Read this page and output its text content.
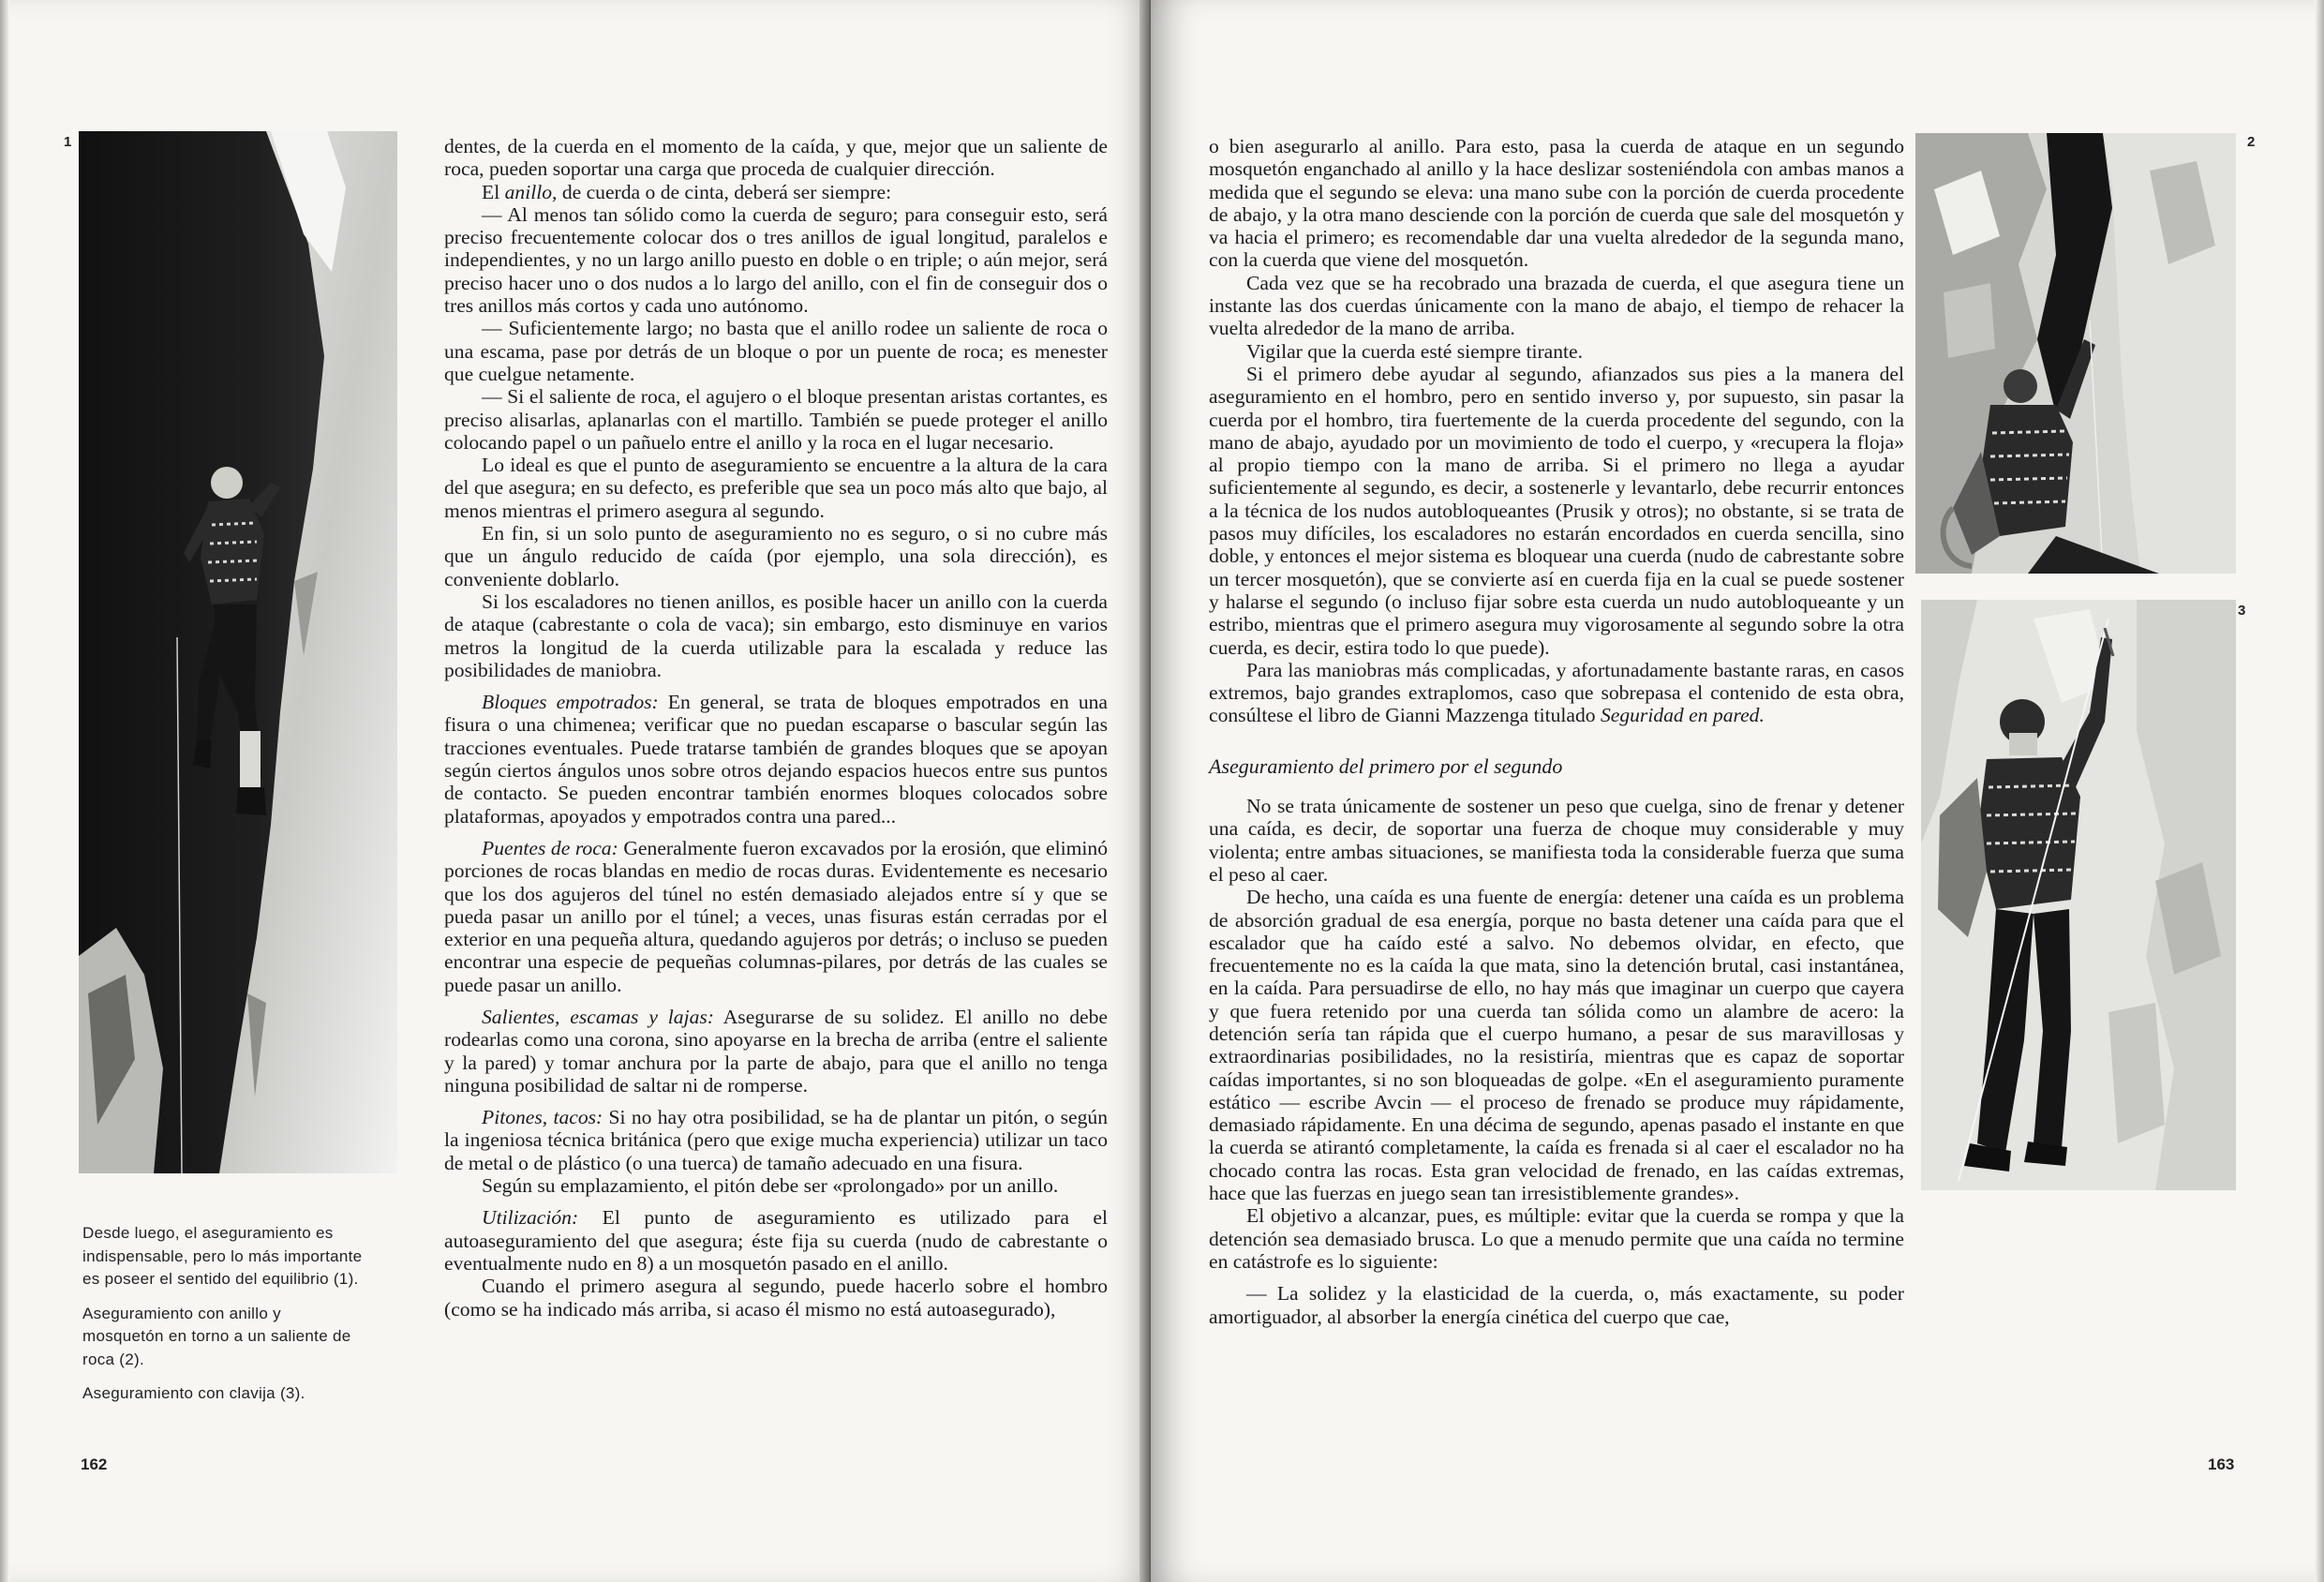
1

Desde luego, el aseguramiento es indispensable, pero lo más importante es poseer el sentido del equilibrio (1).

Aseguramiento con anillo y mosquetón en torno a un saliente de roca (2).

Aseguramiento con clavija (3).

162

dentes, de la cuerda en el momento de la caída, y que, mejor que un saliente de roca, pueden soportar una carga que proceda de cualquier dirección.

El anillo, de cuerda o de cinta, deberá ser siempre:

— Al menos tan sólido como la cuerda de seguro; para conseguir esto, será preciso frecuentemente colocar dos o tres anillos de igual longitud, paralelos e independientes, y no un largo anillo puesto en doble o en triple; o aún mejor, será preciso hacer uno o dos nudos a lo largo del anillo, con el fin de conseguir dos o tres anillos más cortos y cada uno autónomo.

— Suficientemente largo; no basta que el anillo rodee un saliente de roca o una escama, pase por detrás de un bloque o por un puente de roca; es menester que cuelgue netamente.

— Si el saliente de roca, el agujero o el bloque presentan aristas cortantes, es preciso alisarlas, aplanarlas con el martillo. También se puede proteger el anillo colocando papel o un pañuelo entre el anillo y la roca en el lugar necesario.

Lo ideal es que el punto de aseguramiento se encuentre a la altura de la cara del que asegura; en su defecto, es preferible que sea un poco más alto que bajo, al menos mientras el primero asegura al segundo.

En fin, si un solo punto de aseguramiento no es seguro, o si no cubre más que un ángulo reducido de caída (por ejemplo, una sola dirección), es conveniente doblarlo.

Si los escaladores no tienen anillos, es posible hacer un anillo con la cuerda de ataque (cabrestante o cola de vaca); sin embargo, esto disminuye en varios metros la longitud de la cuerda utilizable para la escalada y reduce las posibilidades de maniobra.

Bloques empotrados: En general, se trata de bloques empotrados en una fisura o una chimenea; verificar que no puedan escaparse o bascular según las tracciones eventuales. Puede tratarse también de grandes bloques que se apoyan según ciertos ángulos unos sobre otros dejando espacios huecos entre sus puntos de contacto. Se pueden encontrar también enormes bloques colocados sobre plataformas, apoyados y empotrados contra una pared...

Puentes de roca: Generalmente fueron excavados por la erosión, que eliminó porciones de rocas blandas en medio de rocas duras. Evidentemente es necesario que los dos agujeros del túnel no estén demasiado alejados entre sí y que se pueda pasar un anillo por el túnel; a veces, unas fisuras están cerradas por el exterior en una pequeña altura, quedando agujeros por detrás; o incluso se pueden encontrar una especie de pequeñas columnas-pilares, por detrás de las cuales se puede pasar un anillo.

Salientes, escamas y lajas: Asegurarse de su solidez. El anillo no debe rodearlas como una corona, sino apoyarse en la brecha de arriba (entre el saliente y la pared) y tomar anchura por la parte de abajo, para que el anillo no tenga ninguna posibilidad de saltar ni de romperse.

Pitones, tacos: Si no hay otra posibilidad, se ha de plantar un pitón, o según la ingeniosa técnica británica (pero que exige mucha experiencia) utilizar un taco de metal o de plástico (o una tuerca) de tamaño adecuado en una fisura.

Según su emplazamiento, el pitón debe ser «prolongado» por un anillo.

Utilización: El punto de aseguramiento es utilizado para el autoaseguramiento del que asegura; éste fija su cuerda (nudo de cabrestante o eventualmente nudo en 8) a un mosquetón pasado en el anillo.

Cuando el primero asegura al segundo, puede hacerlo sobre el hombro (como se ha indicado más arriba, si acaso él mismo no está autoasegurado),

o bien asegurarlo al anillo. Para esto, pasa la cuerda de ataque en un segundo mosquetón enganchado al anillo y la hace deslizar sosteniéndola con ambas manos a medida que el segundo se eleva: una mano sube con la porción de cuerda procedente de abajo, y la otra mano desciende con la porción de cuerda que sale del mosquetón y va hacia el primero; es recomendable dar una vuelta alrededor de la segunda mano, con la cuerda que viene del mosquetón.

Cada vez que se ha recobrado una brazada de cuerda, el que asegura tiene un instante las dos cuerdas únicamente con la mano de abajo, el tiempo de rehacer la vuelta alrededor de la mano de arriba.

Vigilar que la cuerda esté siempre tirante.

Si el primero debe ayudar al segundo, afianzados sus pies a la manera del aseguramiento en el hombro, pero en sentido inverso y, por supuesto, sin pasar la cuerda por el hombro, tira fuertemente de la cuerda procedente del segundo, con la mano de abajo, ayudado por un movimiento de todo el cuerpo, y «recupera la floja» al propio tiempo con la mano de arriba. Si el primero no llega a ayudar suficientemente al segundo, es decir, a sostenerle y levantarlo, debe recurrir entonces a la técnica de los nudos autobloqueantes (Prusik y otros); no obstante, si se trata de pasos muy difíciles, los escaladores no estarán encordados en cuerda sencilla, sino doble, y entonces el mejor sistema es bloquear una cuerda (nudo de cabrestante sobre un tercer mosquetón), que se convierte así en cuerda fija en la cual se puede sostener y halarse el segundo (o incluso fijar sobre esta cuerda un nudo autobloqueante y un estribo, mientras que el primero asegura muy vigorosamente al segundo sobre la otra cuerda, es decir, estira todo lo que puede).

Para las maniobras más complicadas, y afortunadamente bastante raras, en casos extremos, bajo grandes extraplomos, caso que sobrepasa el contenido de esta obra, consúltese el libro de Gianni Mazzenga titulado Seguridad en pared.

Aseguramiento del primero por el segundo

No se trata únicamente de sostener un peso que cuelga, sino de frenar y detener una caída, es decir, de soportar una fuerza de choque muy considerable y muy violenta; entre ambas situaciones, se manifiesta toda la considerable fuerza que suma el peso al caer.

De hecho, una caída es una fuente de energía: detener una caída es un problema de absorción gradual de esa energía, porque no basta detener una caída para que el escalador que ha caído esté a salvo. No debemos olvidar, en efecto, que frecuentemente no es la caída la que mata, sino la detención brutal, casi instantánea, en la caída. Para persuadirse de ello, no hay más que imaginar un cuerpo que cayera y que fuera retenido por una cuerda tan sólida como un alambre de acero: la detención sería tan rápida que el cuerpo humano, a pesar de sus maravillosas y extraordinarias posibilidades, no la resistiría, mientras que es capaz de soportar caídas importantes, si no son bloqueadas de golpe. «En el aseguramiento puramente estático — escribe Avcin — el proceso de frenado se produce muy rápidamente, demasiado rápidamente. En una décima de segundo, apenas pasado el instante en que la cuerda se atirantó completamente, la caída es frenada si al caer el escalador no ha chocado contra las rocas. Esta gran velocidad de frenado, en las caídas extremas, hace que las fuerzas en juego sean tan irresistiblemente grandes».

El objetivo a alcanzar, pues, es múltiple: evitar que la cuerda se rompa y que la detención sea demasiado brusca. Lo que a menudo permite que una caída no termine en catástrofe es lo siguiente:

— La solidez y la elasticidad de la cuerda, o, más exactamente, su poder amortiguador, al absorber la energía cinética del cuerpo que cae,

2
3
163
